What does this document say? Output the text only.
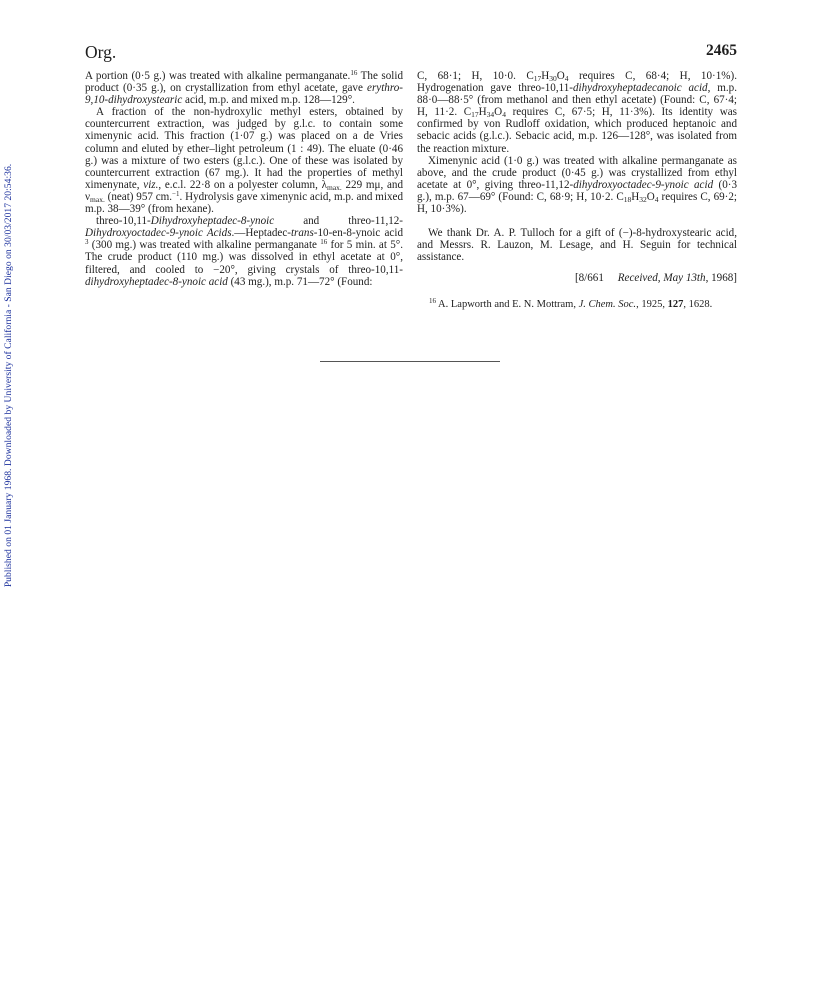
Published on 01 January 1968. Downloaded by University of California - San Diego on 30/03/2017 20:54:36.
Org.	2465

A portion (0·5 g.) was treated with alkaline permanganate.$^{16}$ The solid product (0·35 g.), on crystallization from ethyl acetate, gave erythro-9,10-dihydroxystearic acid, m.p. and mixed m.p. 128—129°.

A fraction of the non-hydroxylic methyl esters, obtained by countercurrent extraction, was judged by g.l.c. to contain some ximenynic acid. This fraction (1·07 g.) was placed on a de Vries column and eluted by ether–light petroleum (1 : 49). The eluate (0·46 g.) was a mixture of two esters (g.l.c.). One of these was isolated by countercurrent extraction (67 mg.). It had the properties of methyl ximenynate, viz., e.c.l. 22·8 on a polyester column, $\lambda_{max.}$ 229 mμ, and $\nu_{max.}$ (neat) 957 cm.$^{-1}$. Hydrolysis gave ximenynic acid, m.p. and mixed m.p. 38—39° (from hexane).

threo-10,11-Dihydroxyheptadec-8-ynoic and threo-11,12-Dihydroxyoctadec-9-ynoic Acids.—Heptadec-trans-10-en-8-ynoic acid $^3$ (300 mg.) was treated with alkaline permanganate $^{16}$ for 5 min. at 5°. The crude product (110 mg.) was dissolved in ethyl acetate at 0°, filtered, and cooled to −20°, giving crystals of threo-10,11-dihydroxyheptadec-8-ynoic acid (43 mg.), m.p. 71—72° (Found:

C, 68·1; H, 10·0. $C_{17}H_{30}O_4$ requires C, 68·4; H, 10·1%). Hydrogenation gave threo-10,11-dihydroxyheptadecanoic acid, m.p. 88·0—88·5° (from methanol and then ethyl acetate) (Found: C, 67·4; H, 11·2. $C_{17}H_{34}O_4$ requires C, 67·5; H, 11·3%). Its identity was confirmed by von Rudloff oxidation, which produced heptanoic and sebacic acids (g.l.c.). Sebacic acid, m.p. 126—128°, was isolated from the reaction mixture.

Ximenynic acid (1·0 g.) was treated with alkaline permanganate as above, and the crude product (0·45 g.) was crystallized from ethyl acetate at 0°, giving threo-11,12-dihydroxyoctadec-9-ynoic acid (0·3 g.), m.p. 67—69° (Found: C, 68·9; H, 10·2. $C_{18}H_{32}O_4$ requires C, 69·2; H, 10·3%).

We thank Dr. A. P. Tulloch for a gift of (−)-8-hydroxystearic acid, and Messrs. R. Lauzon, M. Lesage, and H. Seguin for technical assistance.

[8/661 Received, May 13th, 1968]

$^{16}$ A. Lapworth and E. N. Mottram, J. Chem. Soc., 1925, 127, 1628.
